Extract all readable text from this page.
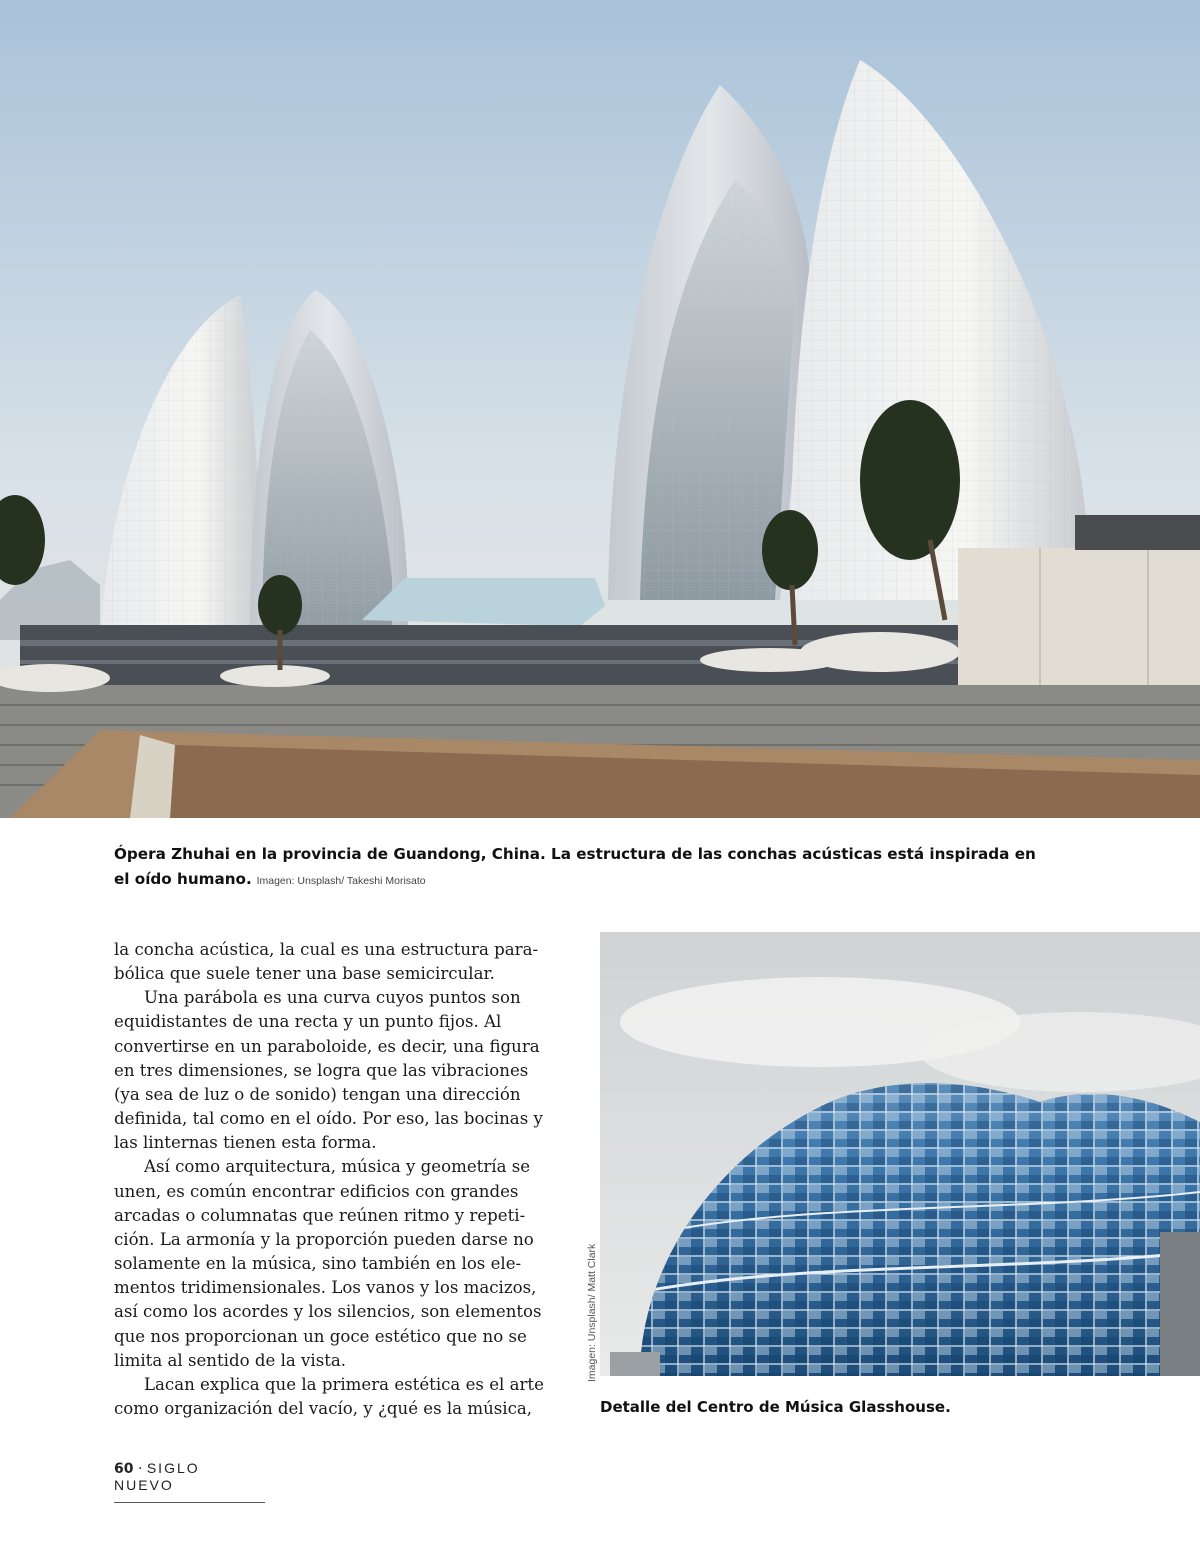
Ópera Zhuhai en la provincia de Guandong, China. La estructura de las conchas acústicas está inspirada en el oído humano. Imagen: Unsplash/ Takeshi Morisato

la concha acústica, la cual es una estructura para-
bólica que suele tener una base semicircular.

Una parábola es una curva cuyos puntos son
equidistantes de una recta y un punto fijos. Al
convertirse en un paraboloide, es decir, una figura
en tres dimensiones, se logra que las vibraciones
(ya sea de luz o de sonido) tengan una dirección
definida, tal como en el oído. Por eso, las bocinas y
las linternas tienen esta forma.

Así como arquitectura, música y geometría se
unen, es común encontrar edificios con grandes
arcadas o columnatas que reúnen ritmo y repeti-
ción. La armonía y la proporción pueden darse no
solamente en la música, sino también en los ele-
mentos tridimensionales. Los vanos y los macizos,
así como los acordes y los silencios, son elementos
que nos proporcionan un goce estético que no se
limita al sentido de la vista.

Lacan explica que la primera estética es el arte
como organización del vacío, y ¿qué es la música,

Imagen: Unsplash/ Matt Clark
Detalle del Centro de Música Glasshouse.
60 · SIGLO NUEVO
